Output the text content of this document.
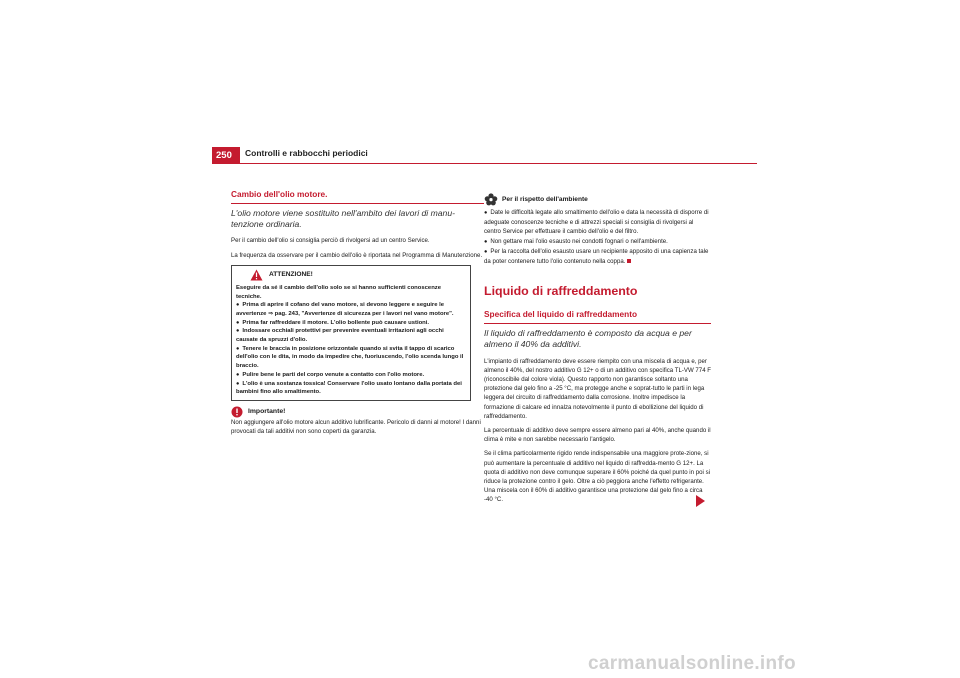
250	Controlli e rabbocchi periodici
Cambio dell'olio motore.

L'olio motore viene sostituito nell'ambito dei lavori di manu-tenzione ordinaria.

Per il cambio dell'olio si consiglia perciò di rivolgersi ad un centro Service.

La frequenza da osservare per il cambio dell'olio è riportata nel Programma di Manutenzione.

ATTENZIONE!
Eseguire da sé il cambio dell'olio solo se si hanno sufficienti conoscenze tecniche.
● Prima di aprire il cofano del vano motore, si devono leggere e seguire le avvertenze ⇒ pag. 243, "Avvertenze di sicurezza per i lavori nel vano motore".
● Prima far raffreddare il motore. L'olio bollente può causare ustioni.
● Indossare occhiali protettivi per prevenire eventuali irritazioni agli occhi causate da spruzzi d'olio.
● Tenere le braccia in posizione orizzontale quando si svita il tappo di scarico dell'olio con le dita, in modo da impedire che, fuoriuscendo, l'olio scenda lungo il braccio.
● Pulire bene le parti del corpo venute a contatto con l'olio motore.
● L'olio è una sostanza tossica! Conservare l'olio usato lontano dalla portata dei bambini fino allo smaltimento.
Importante!

Non aggiungere all'olio motore alcun additivo lubrificante. Pericolo di danni al motore! I danni provocati da tali additivi non sono coperti da garanzia.

Per il rispetto dell'ambiente
● Date le difficoltà legate allo smaltimento dell'olio e data la necessità di disporre di adeguate conoscenze tecniche e di attrezzi speciali si consiglia di rivolgersi al centro Service per effettuare il cambio dell'olio e del filtro.
● Non gettare mai l'olio esausto nei condotti fognari o nell'ambiente.
● Per la raccolta dell'olio esausto usare un recipiente apposito di una capienza tale da poter contenere tutto l'olio contenuto nella coppa.
Liquido di raffreddamento
Specifica del liquido di raffreddamento

Il liquido di raffreddamento è composto da acqua e per almeno il 40% da additivi.

L'impianto di raffreddamento deve essere riempito con una miscela di acqua e, per almeno il 40%, del nostro additivo G 12+ o di un additivo con specifica TL-VW 774 F (riconoscibile dal colore viola). Questo rapporto non garantisce soltanto una protezione dal gelo fino a -25 °C, ma protegge anche e soprat-tutto le parti in lega leggera del circuito di raffreddamento dalla corrosione. Inoltre impedisce la formazione di calcare ed innalza notevolmente il punto di ebollizione del liquido di raffreddamento.

La percentuale di additivo deve sempre essere almeno pari al 40%, anche quando il clima è mite e non sarebbe necessario l'antigelo.

Se il clima particolarmente rigido rende indispensabile una maggiore prote-zione, si può aumentare la percentuale di additivo nel liquido di raffredda-mento G 12+. La quota di additivo non deve comunque superare il 60% poiché da quel punto in poi si riduce la protezione contro il gelo. Oltre a ciò peggiora anche l'effetto refrigerante. Una miscela con il 60% di additivo garantisce una protezione dal gelo fino a circa -40 °C.

carmanualsonline.info
